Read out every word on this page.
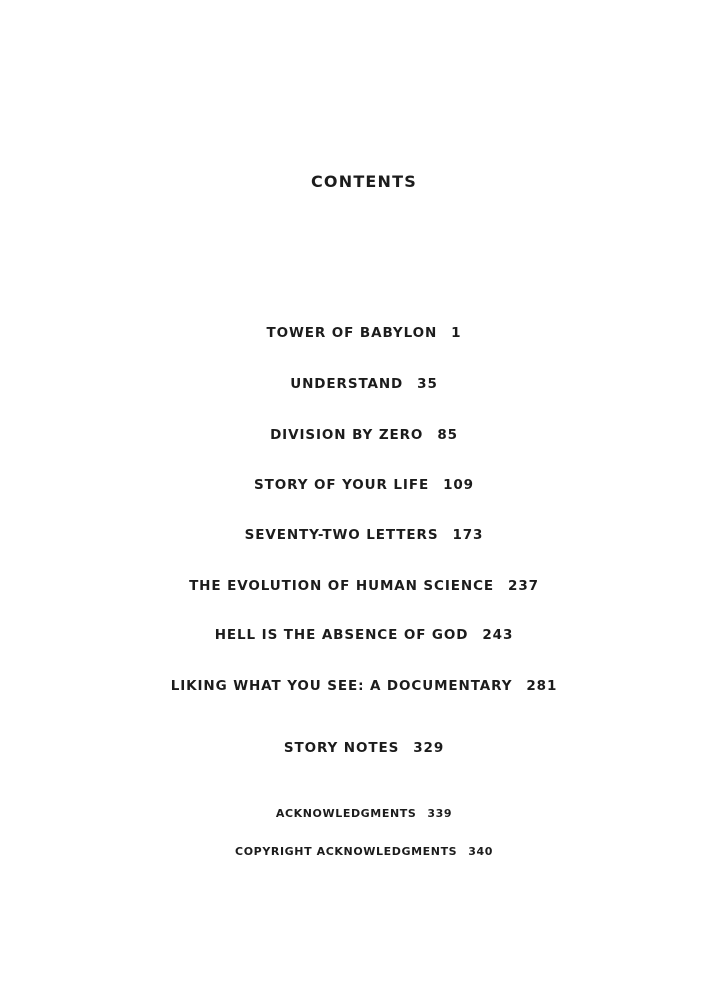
CONTENTS
TOWER OF BABYLON 1
UNDERSTAND 35
DIVISION BY ZERO 85
STORY OF YOUR LIFE 109
SEVENTY-TWO LETTERS 173
THE EVOLUTION OF HUMAN SCIENCE 237
HELL IS THE ABSENCE OF GOD 243
LIKING WHAT YOU SEE: A DOCUMENTARY 281
STORY NOTES 329
ACKNOWLEDGMENTS 339
COPYRIGHT ACKNOWLEDGMENTS 340
